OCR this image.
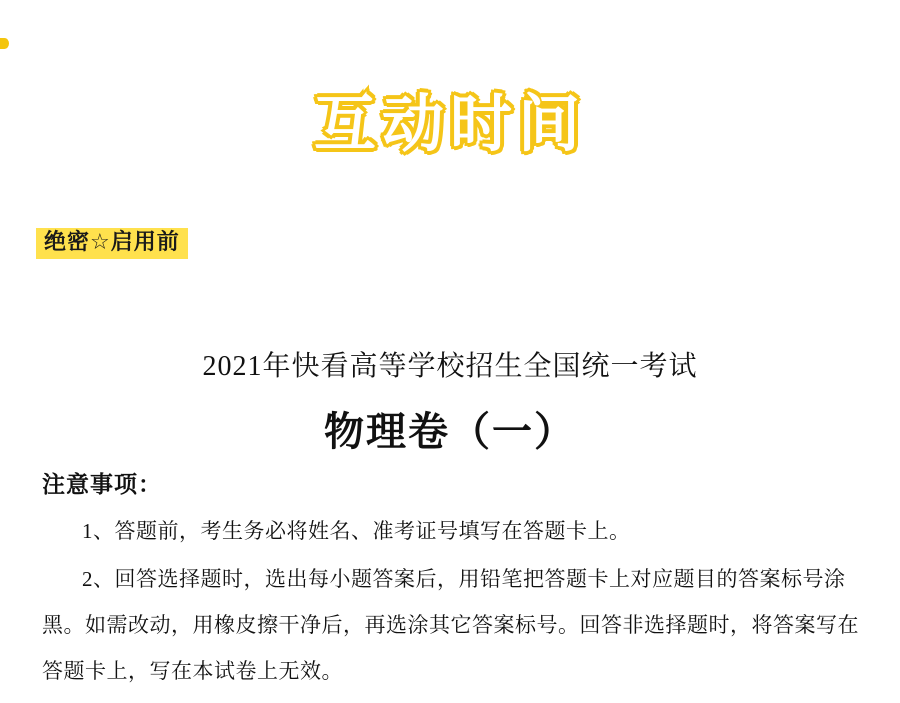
互动时间
绝密☆启用前
2021年快看高等学校招生全国统一考试
物理卷（一）
注意事项：
1、答题前，考生务必将姓名、准考证号填写在答题卡上。
2、回答选择题时，选出每小题答案后，用铅笔把答题卡上对应题目的答案标号涂黑。如需改动，用橡皮擦干净后，再选涂其它答案标号。回答非选择题时，将答案写在答题卡上，写在本试卷上无效。
